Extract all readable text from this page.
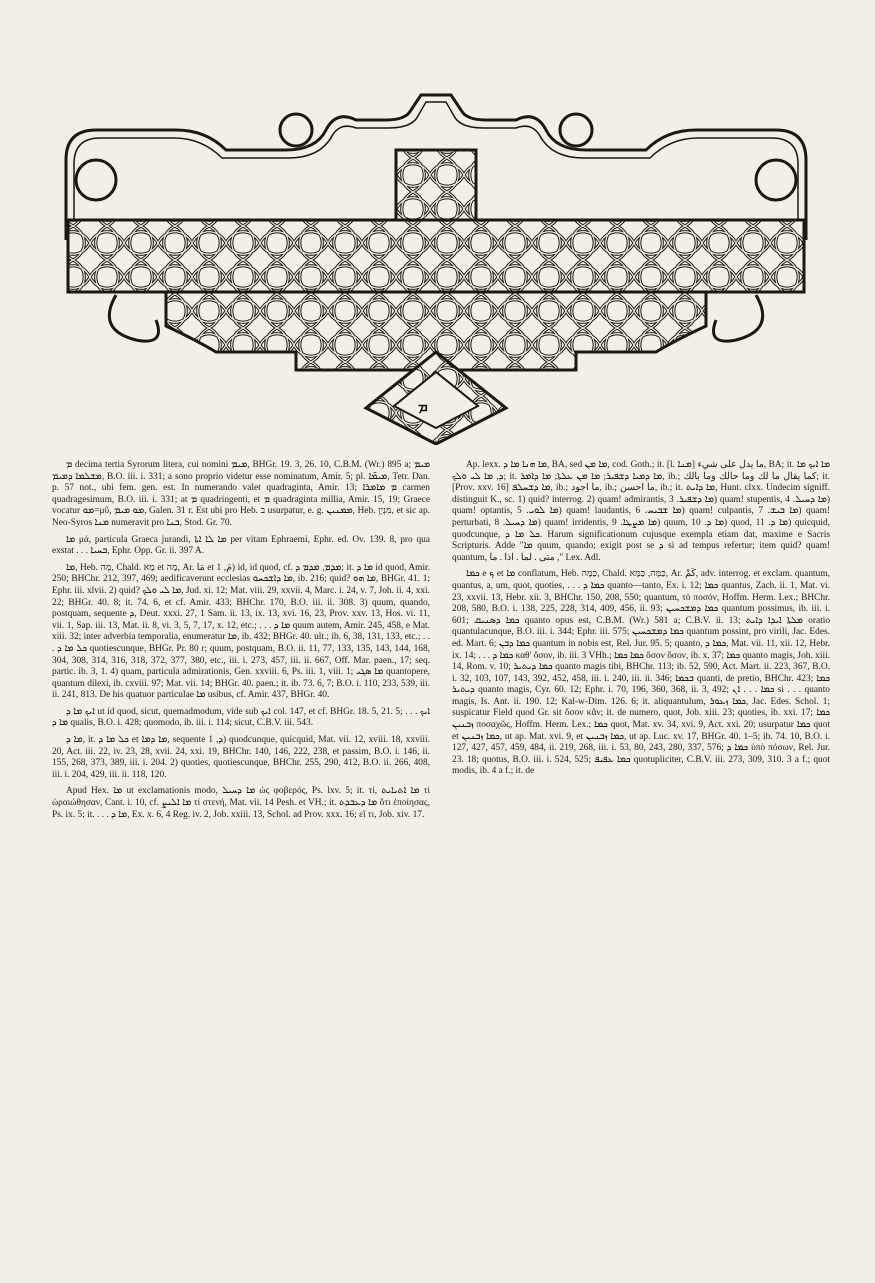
ܡ

ܡ decima tertia Syrorum litera, cui nomini ܡܝܡ, BHGr. 19. 3, 26. 10, C.B.M. (Wr.) 895 a; ܡܝܡ ܡܫܠܡܐ ܕܡܝܡ, B.O. iii. i. 331; a sono proprio videtur esse nominatum, Amir. 5; pl. ܡܝܡ̈ܐ, Tetr. Dan. p. 57 not., ubi fem. gen. est. In numerando valet quadraginta, Amir. 13; ܡ ܡܐܡܪܐ carmen quadragesimum, B.O. iii. i. 331; at ܡ quadringenti, et ܡ quadraginta millia, Amir. 15, 19; Graece vocatur ܡܘ=μῦ, ܡܘ ܡܝܡ, Galen. 31 r. Est ubi pro Heb. ב usurpatur, e. g. ܡܡܢܝܢ, Heb. מִנְיָן, et sic ap. Neo-Syros ܡܢܐ numeravit pro ܒܢܐ, Stod. Gr. 70.

ܡܐ μά, particula Graeca jurandi, ܡܐ ܠܐ ܐܬܐ per vitam Ephraemi, Ephr. ed. Ov. 139. 8, pro qua exstat . . . ܒܚܝܐ, Ephr. Opp. Gr. ii. 397 A.

ܡܐ, Heb. מָה, Chald. מָא et מָה, Ar. مَا et مَ, 1) id, id quod, cf. ܡܕܡ, ܡܕܡ ܕ; it. ܡܐ ܕ id quod, Amir. 250; BHChr. 212, 397, 469; aedificaverunt ecclesias ܡܐ ܕܐܫܟܚܘ, ib. 216; quid? ܡܐ ܗܘ, BHGr. 41. 1; Ephr. iii. xlvii. 2) quid? ܡܐ ܠܝ ܘܠܟ, Jud. xi. 12; Mat. viii. 29, xxvii. 4, Marc. i. 24, v. 7, Joh. ii. 4, xxi. 22; BHGr. 40. 8; it. 74. 6, et cf. Amir. 433; BHChr. 170, B.O. iii. ii. 308. 3) quum, quando, postquam, sequente ܕ, Deut. xxxi. 27, 1 Sam. ii. 13, ix. 13, xvi. 16, 23, Prov. xxv. 13, Hos. vi. 11, vii. 1, Sap. iii. 13, Mat. ii. 8, vi. 3, 5, 7, 17, x. 12, etc.; . . . ܡܐ ܕ quum autem, Amir. 245, 458, e Mat. xiii. 32; inter adverbia temporalia, enumeratur ܡܐ, ib. 432; BHGr. 40. ult.; ib. 6, 38, 131, 133, etc.; . . . ܟܠ ܡܐ ܕ quotiescunque, BHGr. Pr. 80 r; quum, postquam, B.O. ii. 11, 77, 133, 135, 143, 144, 168, 304, 308, 314, 316, 318, 372, 377, 380, etc., iii. i. 273, 457, iii. ii. 667, Off. Mar. paen., 17; seq. partic. ib. 3, 1. 4) quam, particula admirationis, Gen. xxviii. 6, Ps. iii. 1, viii. 1; ܡܐ ܣܓܝ quantopere, quantum dilexi, ib. cxviii. 97; Mat. vii. 14; BHGr. 40. paen.; it. ib. 73. 6, 7; B.O. i. 110, 233, 539, iii. ii. 241, 813. De his quatuor particulae ܡܐ usibus, cf. Amir. 437, BHGr. 40.

ܐܝܟ ܡܐ ܕ ut id quod, sicut, quemadmodum, vide sub ܐܝܟ col. 147, et cf. BHGr. 18. 5, 21. 5; . . . ܐܝܟ ܡܐ ܕ qualis, B.O. i. 428; quomodo, ib. iii. i. 114; sicut, C.B.V. iii. 543.

ܡܐ ܕ, it. ܟܠ ܡܐ ܕ et ܡܐ ܕܡܐ, sequente ܕ, 1) quodcunque, quicquid, Mat. vii. 12, xviii. 18, xxviii. 20, Act. iii. 22, iv. 23, 28, xvii. 24, xxi. 19, BHChr. 140, 146, 222, 238, et passim, B.O. i. 146, ii. 155, 268, 373, 389, iii. i. 204. 2) quoties, quotiescunque, BHChr. 255, 290, 412, B.O. ii. 266, 408, iii. i. 204, 429, iii. ii. 118, 120.

Apud Hex. ܡܐ ut exclamationis modo, ܡܐ ܕܚܝܠ ὡς φοβερός, Ps. lxv. 5; it. τί, ܡܐ ܐܬܝܐܝܬ τί ὡραιώθησαν, Cant. i. 10, cf. ܡܐ ܐܠܝܨ τί στενή, Mat. vii. 14 Pesh. et VH.; it. ܡܐ ܕܥܒܕܬ ὅτι ἐποίησας, Ps. ix. 5; it. . . . ܡܐ ܕ, Ex. x. 6, 4 Reg. iv. 2, Job. xxiii. 13, Schol. ad Prov. xxx. 16; εἴ τι, Job. xiv. 17.

Ap. lexx. ܡܐ ܗܢܐ ܡܐ ܕ, BA, sed ܡܐ ܡܢ, cod. Goth.; it. [l. ܡܢܐ] ما يدل على شيء, BA; it. ܡܐ ܐܝܟ ܡܐ ܕ, ܡܐ ܠܝ ܘܠܟ; it. ܡܐ ܕܡܝܐ ܕܫܦܝܪ; ܡܐ ܡܢ ܥܠܬܐ; ܡܐ ܕܐܡܪ, ib.; كما يقال ما لك وما حالك وما بالك; it. [Prov. xxv. 16] ܡܐ ܕܫܚܠܦ, ib.; ما اجود, ib.; ما احسن, ib.; it. ܡܐ ܕܐܝܬ, Hunt. clxx. Undecim signiff. distinguit K., sc. 1) quid? interrog. 2) quam! admirantis, ܡܐ ܕܫܦܝܪ. 3) quam! stupentis, ܡܐ ܕܚܝܠ. 4) quam! optantis, ܡܐ ܠܘܝ. 5) quam! laudantis, ܡܐ ܫܒܝܚ. 6) quam! culpantis, ܡܐ ܒܝܫ. 7) quam! perturbati, ܡܐ ܕܚܝܠ. 8) quam! irridentis, ܡܐ ܡܨܛܐ. 9) quum, ܡܐ ܕ. 10) quod, ܡܐ ܕ. 11) quicquid, quodcunque, ܟܠ ܡܐ ܕ. Harum significationum cujusque exempla etiam dat, maxime e Sacris Scripturis. Adde "ܡܐ quum, quando; exigit post se ܕ si ad tempus refertur; item quid? quam! quantum, متى . لما . اذا . ما ," Lex. Adl.

ܟܡܐ e ܟ et ܡܐ conflatum, Heb. כַּמָּה, Chald. כַּמָּה, כַּמָּא, Ar. كَمْ, adv. interrog. et exclam. quantum, quantus, a, um, quot, quoties, . . . ܟܡܐ ܕ quanto—tanto, Ex. i. 12; ܟܡܐ quantus, Zach. ii. 1, Mat. vi. 23, xxvii. 13, Hebr. xii. 3, BHChr. 150, 208, 550; quantum, τὸ ποσόν, Hoffm. Herm. Lex.; BHChr. 208, 580, B.O. i. 138, 225, 228, 314, 409, 456, ii. 93; ܟܡܐ ܕܡܫܟܚܝܢ quantum possimus, ib. iii. i. 601; ܟܡܐ ܕܣܢܝܩ quanto opus est, C.B.M. (Wr.) 581 a; C.B.V. ii. 13; ܡܠܬܐ ܐܝܕܐ ܕܐܝܬ oratio quantulacunque, B.O. iii. i. 344; Ephr. iii. 575; ܟܡܐ ܕܡܫܟܚܝܢ quantum possint, pro virili, Jac. Edes. ed. Mart. 6; ܟܡܐ ܕܒܢ quantum in nobis est, Rel. Jur. 95. 5; quanto, ܟܡܐ ܕ, Mat. vii. 11, xii. 12, Hebr. ix. 14; . . . ܟܡܐ ܕ καθ' ὅσον, ib. iii. 3 VHh.; ܟܡܐ ܟܡܐ ὅσον ὅσον, ib. x. 37; ܟܡܐ quanto magis, Joh. xiii. 14, Rom. v. 10; ܟܡܐ ܕܝܬܝܪ quanto magis tibi, BHChr. 113; ib. 52, 590, Act. Mart. ii. 223, 367, B.O. i. 32, 103, 107, 143, 392, 452, 458, iii. i. 240, iii. ii. 346; ܒܟܡܐ quanti, de pretio, BHChr. 423; ܟܡܐ ܕܝܬܝܪ quanto magis, Cyr. 60. 12; Ephr. i. 70, 196, 360, 368, ii. 3, 492; ܟܡܐ . . . ܐܢ si . . . quanto magis, Is. Ant. ii. 190. 12; Kal-w-Dim. 126. 6; it. aliquantulum, ܟܡܐ ܙܥܘܪ, Jac. Edes. Schol. 1; suspicatur Field quod Gr. sit ὅσον κἄν; it. de numero, quot, Job. xiii. 23; quoties, ib. xxi. 17; ܟܡܐ ܙܒܢܝܢ ποσαχῶς, Hoffm. Herm. Lex.; ܟܡܐ quot, Mat. xv. 34, xvi. 9, Act. xxi. 20; usurpatur ܟܡܐ quot et ܟܡܐ ܙܒܢܝܢ, ut ap. Mat. xvi. 9, et ܟܡܐ ܙܒܢܝܢ, ut ap. Luc. xv. 17, BHGr. 40. 1–5; ib. 74. 10, B.O. i. 127, 427, 457, 459, 484, ii. 219, 268, iii. i. 53, 80, 243, 280, 337, 576; ܟܡܐ ܕ ὑπὸ πόσων, Rel. Jur. 23. 18; quotus, B.O. iii. i. 524, 525; ܟܡܐ ܥܦܝܦ quotupliciter, C.B.V. iii. 273, 309, 310. 3 a f.; quot modis, ib. 4 a f.; it. de
